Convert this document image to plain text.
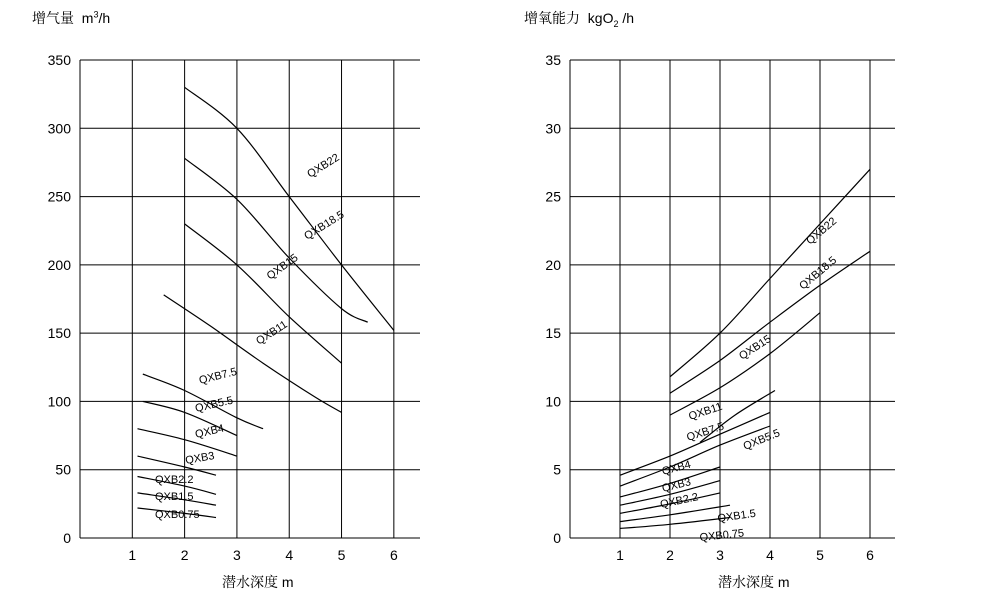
增气量 $m^3/h$
潜水深度 m
0
50
100
150
200
250
300
350
1	2	3	4	5	6
QXB22
QXB18.5
QXB15
QXB11
QXB7.5
QXB5.5
QXB4
QXB3
QXB2.2
QXB1.5
QXB0.75
增氧能力 kgO$_2$ /h
潜水深度 m
0
5
10
15
20
25
30
35
1	2	3	4	5	6
QXB22
QXB18.5
QXB15
QXB11
QXB7.5 QXB5.5
QXB4
QXB3
QXB2.2
QXB1.5
QXB0.75
